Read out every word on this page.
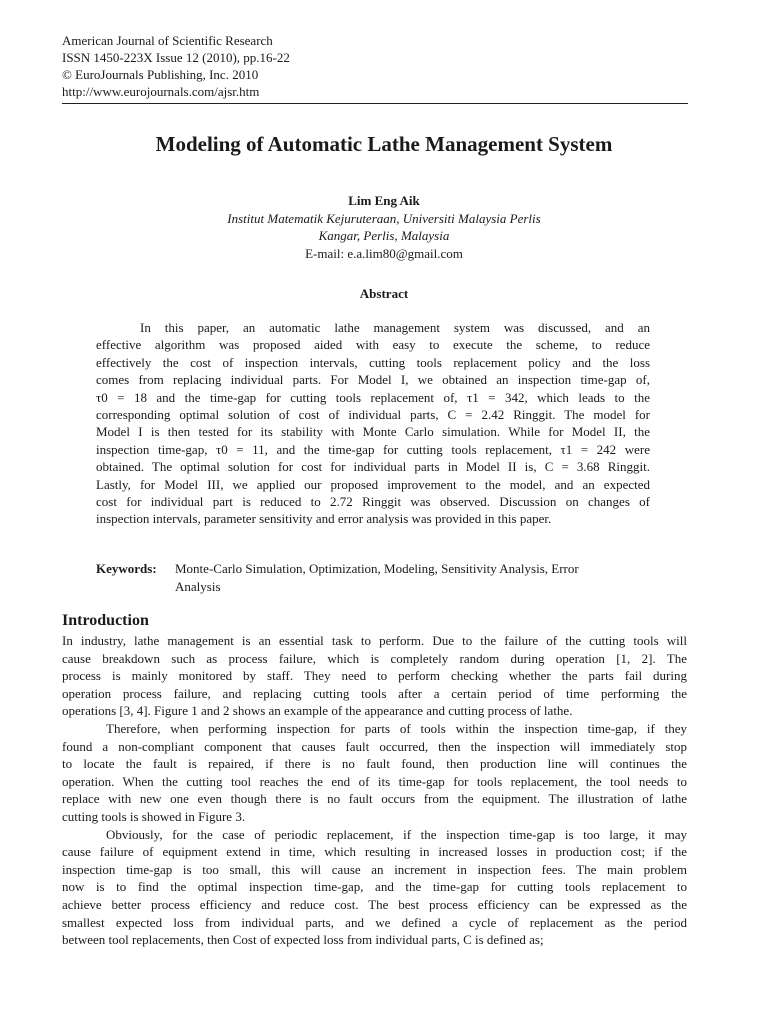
American Journal of Scientific Research
ISSN 1450-223X Issue 12 (2010), pp.16-22
© EuroJournals Publishing, Inc. 2010
http://www.eurojournals.com/ajsr.htm
Modeling of Automatic Lathe Management System
Lim Eng Aik
Institut Matematik Kejuruteraan, Universiti Malaysia Perlis
Kangar, Perlis, Malaysia
E-mail: e.a.lim80@gmail.com
Abstract
In this paper, an automatic lathe management system was discussed, and an
effective algorithm was proposed aided with easy to execute the scheme, to reduce
effectively the cost of inspection intervals, cutting tools replacement policy and the loss
comes from replacing individual parts. For Model I, we obtained an inspection time-gap of,
τ0 = 18 and the time-gap for cutting tools replacement of, τ1 = 342, which leads to the
corresponding optimal solution of cost of individual parts, C = 2.42 Ringgit. The model for
Model I is then tested for its stability with Monte Carlo simulation. While for Model II, the
inspection time-gap, τ0 = 11, and the time-gap for cutting tools replacement, τ1 = 242 were
obtained. The optimal solution for cost for individual parts in Model II is, C = 3.68 Ringgit.
Lastly, for Model III, we applied our proposed improvement to the model, and an expected
cost for individual part is reduced to 2.72 Ringgit was observed. Discussion on changes of
inspection intervals, parameter sensitivity and error analysis was provided in this paper.
Keywords: Monte-Carlo Simulation, Optimization, Modeling, Sensitivity Analysis, Error
Analysis
Introduction
In industry, lathe management is an essential task to perform. Due to the failure of the cutting tools will
cause breakdown such as process failure, which is completely random during operation [1, 2]. The
process is mainly monitored by staff. They need to perform checking whether the parts fail during
operation process failure, and replacing cutting tools after a certain period of time performing the
operations [3, 4]. Figure 1 and 2 shows an example of the appearance and cutting process of lathe.
Therefore, when performing inspection for parts of tools within the inspection time-gap, if they
found a non-compliant component that causes fault occurred, then the inspection will immediately stop
to locate the fault is repaired, if there is no fault found, then production line will continues the
operation. When the cutting tool reaches the end of its time-gap for tools replacement, the tool needs to
replace with new one even though there is no fault occurs from the equipment. The illustration of lathe
cutting tools is showed in Figure 3.
Obviously, for the case of periodic replacement, if the inspection time-gap is too large, it may
cause failure of equipment extend in time, which resulting in increased losses in production cost; if the
inspection time-gap is too small, this will cause an increment in inspection fees. The main problem
now is to find the optimal inspection time-gap, and the time-gap for cutting tools replacement to
achieve better process efficiency and reduce cost. The best process efficiency can be expressed as the
smallest expected loss from individual parts, and we defined a cycle of replacement as the period
between tool replacements, then Cost of expected loss from individual parts, C is defined as;
